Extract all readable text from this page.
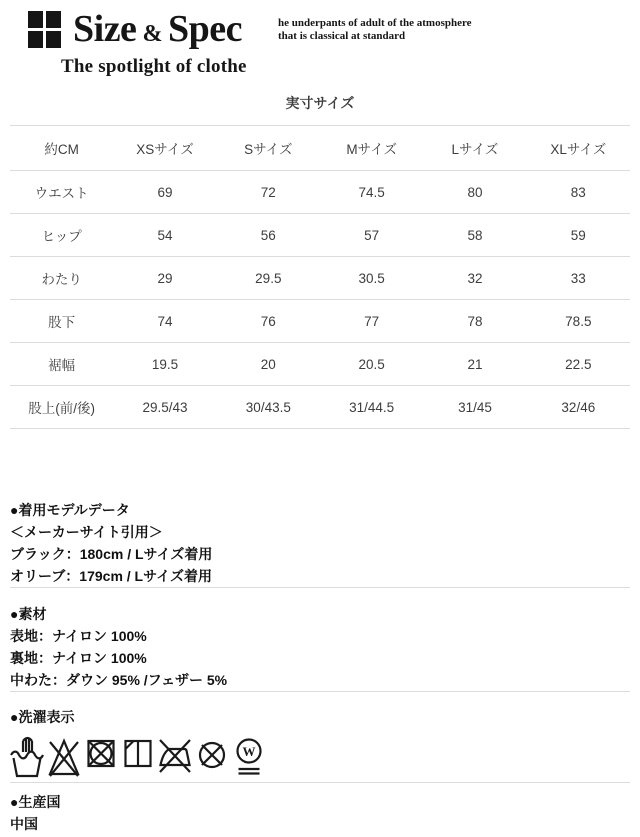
Size & Spec
The spotlight of clothe
he underpants of adult of the atmosphere
that is classical at standard
実寸サイズ
約CM	XSサイズ	Sサイズ	Mサイズ	Lサイズ	XLサイズ
ウエスト	69	72	74.5	80	83
ヒップ	54	56	57	58	59
わたり	29	29.5	30.5	32	33
股下	74	76	77	78	78.5
裾幅	19.5	20	20.5	21	22.5
股上(前/後)	29.5/43	30/43.5	31/44.5	31/45	32/46
●着用モデルデータ
＜メーカーサイト引用＞
ブラック：180cm / Lサイズ着用
オリーブ：179cm / Lサイズ着用
●素材
表地：ナイロン 100%
裏地：ナイロン 100%
中わた：ダウン 95% /フェザー 5%
●洗濯表示
W
●生産国
中国
